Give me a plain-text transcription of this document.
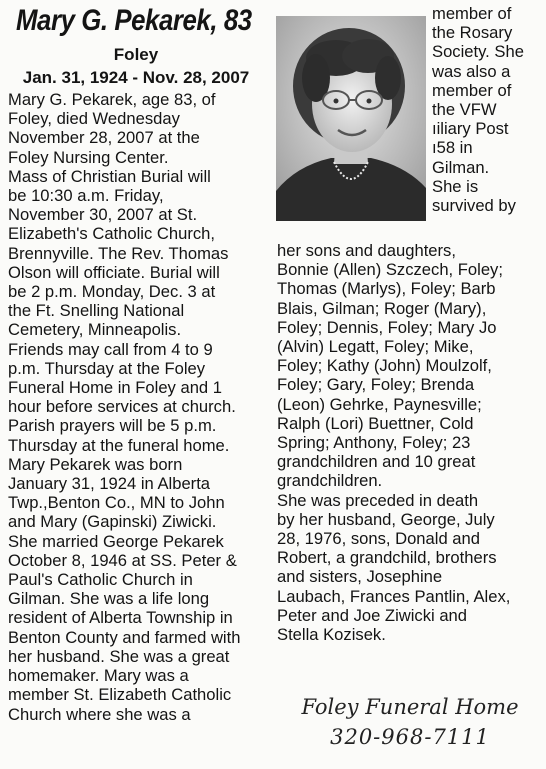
Mary G. Pekarek, 83
Foley
Jan. 31, 1924 - Nov. 28, 2007
member of
the Rosary
Society. She
was also a
member of
the VFW
ıiliary Post
ı58 in
Gilman.
She is
survived by
Mary G. Pekarek, age 83, of
Foley, died Wednesday
November 28, 2007 at the
Foley Nursing Center.
Mass of Christian Burial will
be 10:30 a.m. Friday,
November 30, 2007 at St.
Elizabeth's Catholic Church,
Brennyville. The Rev. Thomas
Olson will officiate. Burial will
be 2 p.m. Monday, Dec. 3 at
the Ft. Snelling National
Cemetery, Minneapolis.
Friends may call from 4 to 9
p.m. Thursday at the Foley
Funeral Home in Foley and 1
hour before services at church.
Parish prayers will be 5 p.m.
Thursday at the funeral home.
Mary Pekarek was born
January 31, 1924 in Alberta
Twp.,Benton Co., MN to John
and Mary (Gapinski) Ziwicki.
She married George Pekarek
October 8, 1946 at SS. Peter &
Paul's Catholic Church in
Gilman. She was a life long
resident of Alberta Township in
Benton County and farmed with
her husband. She was a great
homemaker. Mary was a
member St. Elizabeth Catholic
Church where she was a
her sons and daughters,
Bonnie (Allen) Szczech, Foley;
Thomas (Marlys), Foley; Barb
Blais, Gilman; Roger (Mary),
Foley; Dennis, Foley; Mary Jo
(Alvin) Legatt, Foley; Mike,
Foley; Kathy (John) Moulzolf,
Foley; Gary, Foley; Brenda
(Leon) Gehrke, Paynesville;
Ralph (Lori) Buettner, Cold
Spring; Anthony, Foley; 23
grandchildren and 10 great
grandchildren.
She was preceded in death
by her husband, George, July
28, 1976, sons, Donald and
Robert, a grandchild, brothers
and sisters, Josephine
Laubach, Frances Pantlin, Alex,
Peter and Joe Ziwicki and
Stella Kozisek.
Foley Funeral Home
320-968-7111
